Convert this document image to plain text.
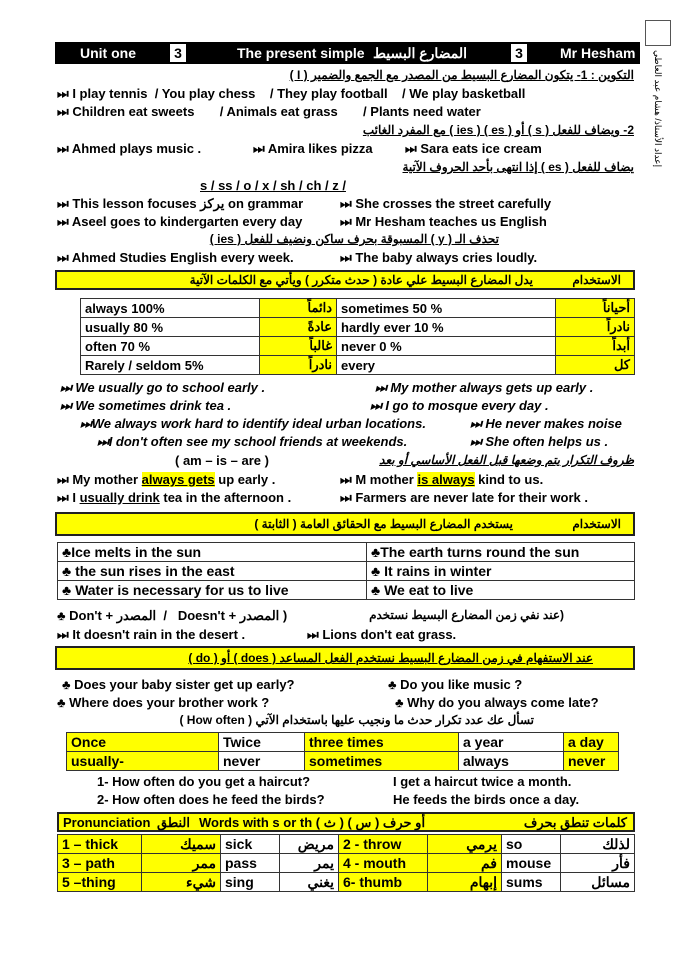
إعداد الأستاذ/ هشام عبد العاطي
Unit one	3	The present simple المضارع البسيط	3	Mr Hesham
التكوين : 1- يتكون المضارع البسيط من المصدر مع الجمع والضمير ( I )
⏭ I play tennis / You play chess / They play football / We play basketball
⏭ Children eat sweets / Animals eat grass / Plants need water
2- ويضاف للفعل ( s ) أو ( es ) ( ies ) مع المفرد الغائب
⏭ Ahmed plays music .	⏭ Amira likes pizza ⏭ Sara eats ice cream
يضاف للفعل ( es ) إذا انتهى بأحد الحروف الآتية
s / ss / o / x / sh / ch / z /
⏭ This lesson focuses يركز on grammar	⏭ She crosses the street carefully
⏭ Aseel goes to kindergarten every day	⏭ Mr Hesham teaches us English
تحذف الـ ( y ) المسبوقة بحرف ساكن ونضيف للفعل ( ies )
⏭ Ahmed Studies English every week.	⏭ The baby always cries loudly.
الاستخدام
يدل المضارع البسيط علي عادة ( حدث متكرر ) ويأتي مع الكلمات الآتية
always 100%	دائماً	sometimes 50 %	أحياناً
usually 80 %	عادةً	hardly ever 10 %	نادراً
often 70 %	غالباً	never 0 %	أبداً
Rarely / seldom 5%	نادراً	every	كل
⏭ We usually go to school early .	⏭ My mother always gets up early .
⏭ We sometimes drink tea .	⏭ I go to mosque every day .
⏭We always work hard to identify ideal urban locations.	⏭ He never makes noise
⏭I don't often see my school friends at weekends.	⏭ She often helps us .
ظروف التكرار يتم وضعها قبل الفعل الأساسي أو بعد
( am – is – are )
⏭ My mother always gets up early .	⏭ M mother is always kind to us.
⏭ I usually drink tea in the afternoon .	⏭ Farmers are never late for their work .
الاستخدام
يستخدم المضارع البسيط مع الحقائق العامة ( الثابتة )
♣Ice melts in the sun	♣The earth turns round the sun
♣ the sun rises in the east	♣ It rains in winter
♣ Water is necessary for us to live	♣ We eat to live
♣ Don't + المصدر  /   Doesn't + المصدر )	(عند نفي زمن المضارع البسيط نستخدم
⏭ It doesn't rain in the desert .	⏭ Lions don't eat grass.
عند الاستفهام في زمن المضارع البسيط نستخدم الفعل المساعد ( does ) أو ( do )
♣ Does your baby sister get up early?	♣ Do you like music ?
♣ Where does your brother work ?	♣ Why do you always come late?
تسأل عك عدد تكرار حدث ما ونجيب عليها باستخدام الآتي ( How often )
Once	Twice	three times	a year	a day
usually-	never	sometimes	always	never
1- How often do you get a haircut?	I get a haircut twice a month.
2- How often does he feed the birds?	He feeds the birds once a day.
Pronunciation النطق Words with s or th ( ث ) أو حرف ( س )	كلمات تنطق بحرف
1 – thick	سميك	sick	مريض	2 - throw	يرمي	so	لذلك
3 – path	ممر	pass	يمر	4 - mouth	فم	mouse	فأر
5 –thing	شيء	sing	يغني	6- thumb	إبهام	sums	مسائل
